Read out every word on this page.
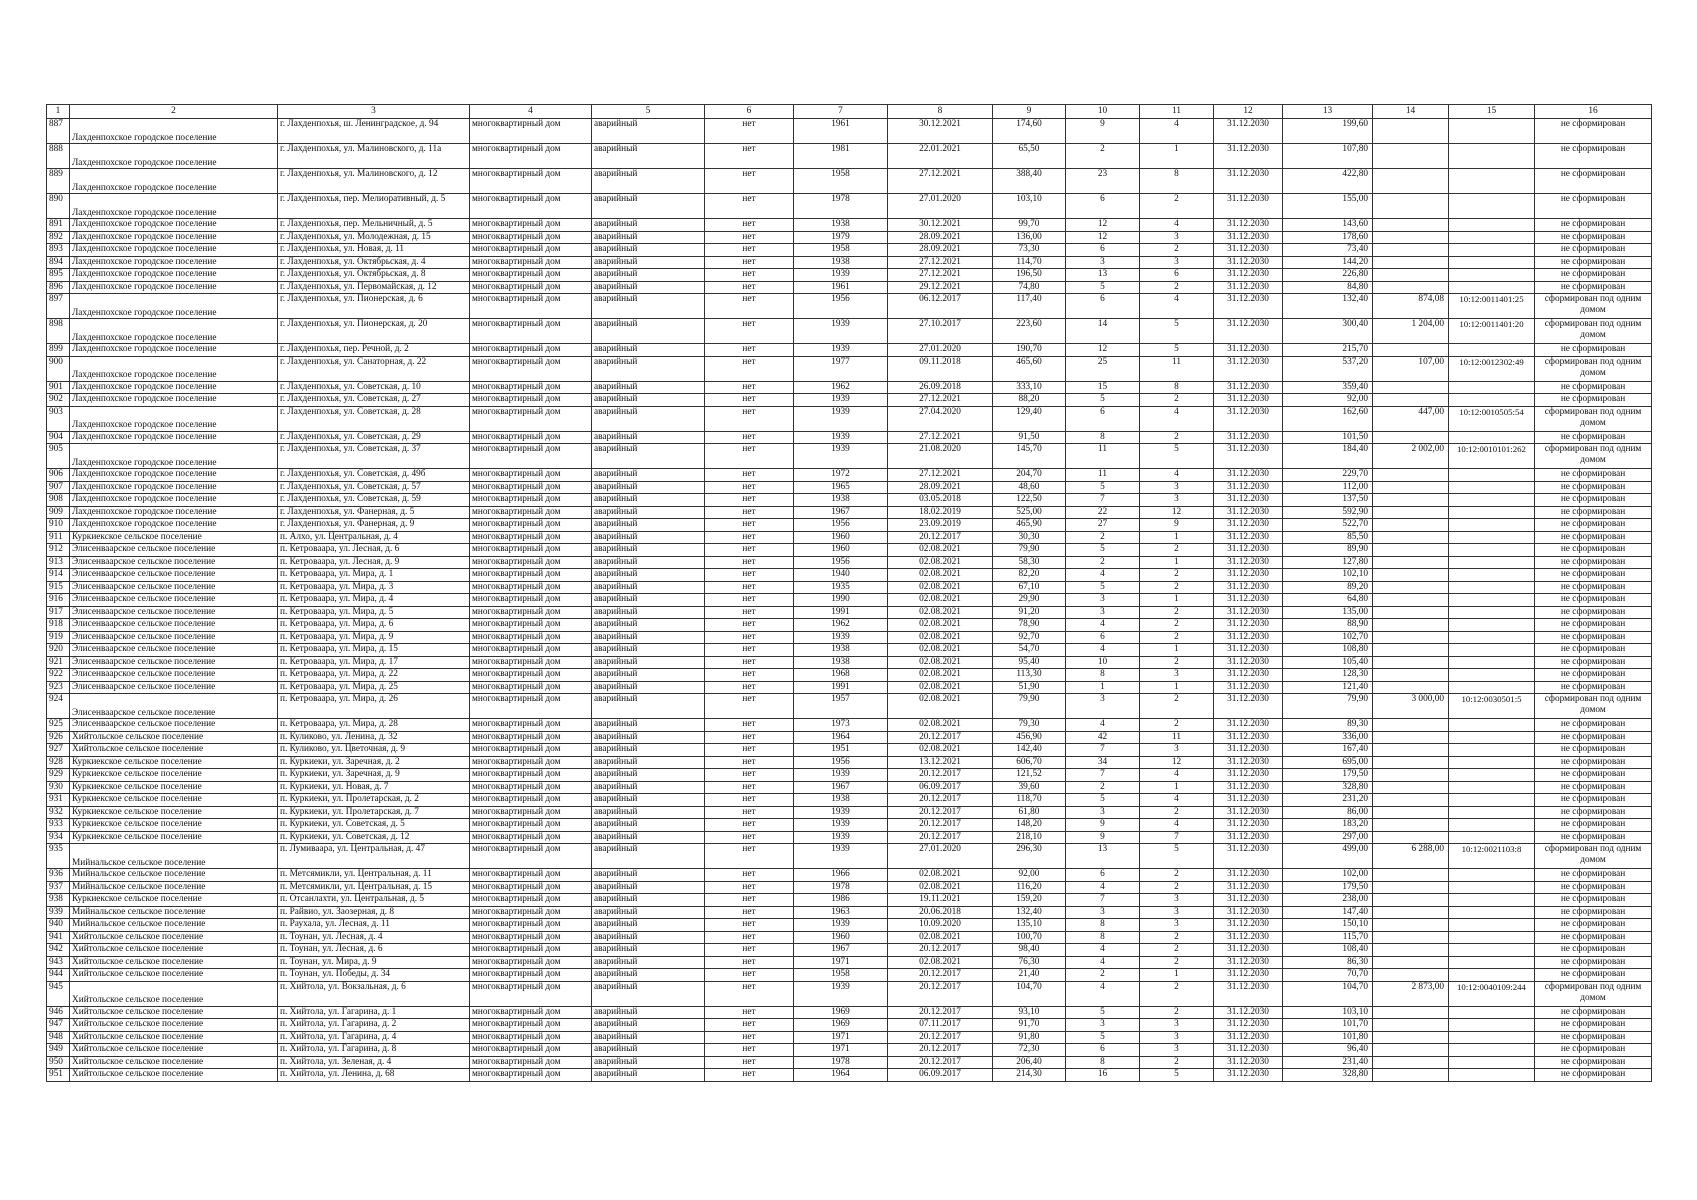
1	2	3	4	5	6	7	8	9	10	11	12	13	14	15	16
887	Лахденпохское городское поселение	г. Лахденпохья, ш. Ленинградское, д. 94	многоквартирный дом	аварийный	нет	1961	30.12.2021	174,60	9	4	31.12.2030	199,60			не сформирован
888	Лахденпохское городское поселение	г. Лахденпохья, ул. Малиновского, д. 11а	многоквартирный дом	аварийный	нет	1981	22.01.2021	65,50	2	1	31.12.2030	107,80			не сформирован
889	Лахденпохское городское поселение	г. Лахденпохья, ул. Малиновского, д. 12	многоквартирный дом	аварийный	нет	1958	27.12.2021	388,40	23	8	31.12.2030	422,80			не сформирован
890	Лахденпохское городское поселение	г. Лахденпохья, пер. Мелиоративный, д. 5	многоквартирный дом	аварийный	нет	1978	27.01.2020	103,10	6	2	31.12.2030	155,00			не сформирован
891	Лахденпохское городское поселение	г. Лахденпохья, пер. Мельничный, д. 5	многоквартирный дом	аварийный	нет	1938	30.12.2021	99,70	12	4	31.12.2030	143,60			не сформирован
892	Лахденпохское городское поселение	г. Лахденпохья, ул. Молодежная, д. 15	многоквартирный дом	аварийный	нет	1979	28.09.2021	136,00	12	3	31.12.2030	178,60			не сформирован
893	Лахденпохское городское поселение	г. Лахденпохья, ул. Новая, д. 11	многоквартирный дом	аварийный	нет	1958	28.09.2021	73,30	6	2	31.12.2030	73,40			не сформирован
894	Лахденпохское городское поселение	г. Лахденпохья, ул. Октябрьская, д. 4	многоквартирный дом	аварийный	нет	1938	27.12.2021	114,70	3	3	31.12.2030	144,20			не сформирован
895	Лахденпохское городское поселение	г. Лахденпохья, ул. Октябрьская, д. 8	многоквартирный дом	аварийный	нет	1939	27.12.2021	196,50	13	6	31.12.2030	226,80			не сформирован
896	Лахденпохское городское поселение	г. Лахденпохья, ул. Первомайская, д. 12	многоквартирный дом	аварийный	нет	1961	29.12.2021	74,80	5	2	31.12.2030	84,80			не сформирован
897	Лахденпохское городское поселение	г. Лахденпохья, ул. Пионерская, д. 6	многоквартирный дом	аварийный	нет	1956	06.12.2017	117,40	6	4	31.12.2030	132,40	874,08	10:12:0011401:25	сформирован под одним домом
898	Лахденпохское городское поселение	г. Лахденпохья, ул. Пионерская, д. 20	многоквартирный дом	аварийный	нет	1939	27.10.2017	223,60	14	5	31.12.2030	300,40	1 204,00	10:12:0011401:20	сформирован под одним домом
899	Лахденпохское городское поселение	г. Лахденпохья, пер. Речной, д. 2	многоквартирный дом	аварийный	нет	1939	27.01.2020	190,70	12	5	31.12.2030	215,70			не сформирован
900	Лахденпохское городское поселение	г. Лахденпохья, ул. Санаторная, д. 22	многоквартирный дом	аварийный	нет	1977	09.11.2018	465,60	25	11	31.12.2030	537,20	107,00	10:12:0012302:49	сформирован под одним домом
901	Лахденпохское городское поселение	г. Лахденпохья, ул. Советская, д. 10	многоквартирный дом	аварийный	нет	1962	26.09.2018	333,10	15	8	31.12.2030	359,40			не сформирован
902	Лахденпохское городское поселение	г. Лахденпохья, ул. Советская, д. 27	многоквартирный дом	аварийный	нет	1939	27.12.2021	88,20	5	2	31.12.2030	92,00			не сформирован
903	Лахденпохское городское поселение	г. Лахденпохья, ул. Советская, д. 28	многоквартирный дом	аварийный	нет	1939	27.04.2020	129,40	6	4	31.12.2030	162,60	447,00	10:12:0010505:54	сформирован под одним домом
904	Лахденпохское городское поселение	г. Лахденпохья, ул. Советская, д. 29	многоквартирный дом	аварийный	нет	1939	27.12.2021	91,50	8	2	31.12.2030	101,50			не сформирован
905	Лахденпохское городское поселение	г. Лахденпохья, ул. Советская, д. 37	многоквартирный дом	аварийный	нет	1939	21.08.2020	145,70	11	5	31.12.2030	184,40	2 002,00	10:12:0010101:262	сформирован под одним домом
906	Лахденпохское городское поселение	г. Лахденпохья, ул. Советская, д. 49б	многоквартирный дом	аварийный	нет	1972	27.12.2021	204,70	11	4	31.12.2030	229,70			не сформирован
907	Лахденпохское городское поселение	г. Лахденпохья, ул. Советская, д. 57	многоквартирный дом	аварийный	нет	1965	28.09.2021	48,60	5	3	31.12.2030	112,00			не сформирован
908	Лахденпохское городское поселение	г. Лахденпохья, ул. Советская, д. 59	многоквартирный дом	аварийный	нет	1938	03.05.2018	122,50	7	3	31.12.2030	137,50			не сформирован
909	Лахденпохское городское поселение	г. Лахденпохья, ул. Фанерная, д. 5	многоквартирный дом	аварийный	нет	1967	18.02.2019	525,00	22	12	31.12.2030	592,90			не сформирован
910	Лахденпохское городское поселение	г. Лахденпохья, ул. Фанерная, д. 9	многоквартирный дом	аварийный	нет	1956	23.09.2019	465,90	27	9	31.12.2030	522,70			не сформирован
911	Куркиекское сельское поселение	п. Алхо, ул. Центральная, д. 4	многоквартирный дом	аварийный	нет	1960	20.12.2017	30,30	2	1	31.12.2030	85,50			не сформирован
912	Элисенваарское сельское поселение	п. Кетроваара, ул. Лесная, д. 6	многоквартирный дом	аварийный	нет	1960	02.08.2021	79,90	5	2	31.12.2030	89,90			не сформирован
913	Элисенваарское сельское поселение	п. Кетроваара, ул. Лесная, д. 9	многоквартирный дом	аварийный	нет	1956	02.08.2021	58,30	2	1	31.12.2030	127,80			не сформирован
914	Элисенваарское сельское поселение	п. Кетроваара, ул. Мира, д. 1	многоквартирный дом	аварийный	нет	1940	02.08.2021	82,20	4	2	31.12.2030	102,10			не сформирован
915	Элисенваарское сельское поселение	п. Кетроваара, ул. Мира, д. 3	многоквартирный дом	аварийный	нет	1935	02.08.2021	67,10	5	2	31.12.2030	89,20			не сформирован
916	Элисенваарское сельское поселение	п. Кетроваара, ул. Мира, д. 4	многоквартирный дом	аварийный	нет	1990	02.08.2021	29,90	3	1	31.12.2030	64,80			не сформирован
917	Элисенваарское сельское поселение	п. Кетроваара, ул. Мира, д. 5	многоквартирный дом	аварийный	нет	1991	02.08.2021	91,20	3	2	31.12.2030	135,00			не сформирован
918	Элисенваарское сельское поселение	п. Кетроваара, ул. Мира, д. 6	многоквартирный дом	аварийный	нет	1962	02.08.2021	78,90	4	2	31.12.2030	88,90			не сформирован
919	Элисенваарское сельское поселение	п. Кетроваара, ул. Мира, д. 9	многоквартирный дом	аварийный	нет	1939	02.08.2021	92,70	6	2	31.12.2030	102,70			не сформирован
920	Элисенваарское сельское поселение	п. Кетроваара, ул. Мира, д. 15	многоквартирный дом	аварийный	нет	1938	02.08.2021	54,70	4	1	31.12.2030	108,80			не сформирован
921	Элисенваарское сельское поселение	п. Кетроваара, ул. Мира, д. 17	многоквартирный дом	аварийный	нет	1938	02.08.2021	95,40	10	2	31.12.2030	105,40			не сформирован
922	Элисенваарское сельское поселение	п. Кетроваара, ул. Мира, д. 22	многоквартирный дом	аварийный	нет	1968	02.08.2021	113,30	8	3	31.12.2030	128,30			не сформирован
923	Элисенваарское сельское поселение	п. Кетроваара, ул. Мира, д. 25	многоквартирный дом	аварийный	нет	1991	02.08.2021	51,90	1	1	31.12.2030	121,40			не сформирован
924	Элисенваарское сельское поселение	п. Кетроваара, ул. Мира, д. 26	многоквартирный дом	аварийный	нет	1957	02.08.2021	79,90	3	2	31.12.2030	79,90	3 000,00	10:12:0030501:5	сформирован под одним домом
925	Элисенваарское сельское поселение	п. Кетроваара, ул. Мира, д. 28	многоквартирный дом	аварийный	нет	1973	02.08.2021	79,30	4	2	31.12.2030	89,30			не сформирован
926	Хийтольское сельское поселение	п. Куликово, ул. Ленина, д. 32	многоквартирный дом	аварийный	нет	1964	20.12.2017	456,90	42	11	31.12.2030	336,00			не сформирован
927	Хийтольское сельское поселение	п. Куликово, ул. Цветочная, д. 9	многоквартирный дом	аварийный	нет	1951	02.08.2021	142,40	7	3	31.12.2030	167,40			не сформирован
928	Куркиекское сельское поселение	п. Куркиеки, ул. Заречная, д. 2	многоквартирный дом	аварийный	нет	1956	13.12.2021	606,70	34	12	31.12.2030	695,00			не сформирован
929	Куркиекское сельское поселение	п. Куркиеки, ул. Заречная, д. 9	многоквартирный дом	аварийный	нет	1939	20.12.2017	121,52	7	4	31.12.2030	179,50			не сформирован
930	Куркиекское сельское поселение	п. Куркиеки, ул. Новая, д. 7	многоквартирный дом	аварийный	нет	1967	06.09.2017	39,60	2	1	31.12.2030	328,80			не сформирован
931	Куркиекское сельское поселение	п. Куркиеки, ул. Пролетарская, д. 2	многоквартирный дом	аварийный	нет	1938	20.12.2017	118,70	5	4	31.12.2030	231,20			не сформирован
932	Куркиекское сельское поселение	п. Куркиеки, ул. Пролетарская, д. 7	многоквартирный дом	аварийный	нет	1939	20.12.2017	61,80	3	2	31.12.2030	86,00			не сформирован
933	Куркиекское сельское поселение	п. Куркиеки, ул. Советская, д. 5	многоквартирный дом	аварийный	нет	1939	20.12.2017	148,20	9	4	31.12.2030	183,20			не сформирован
934	Куркиекское сельское поселение	п. Куркиеки, ул. Советская, д. 12	многоквартирный дом	аварийный	нет	1939	20.12.2017	218,10	9	7	31.12.2030	297,00			не сформирован
935	Мийнальское сельское поселение	п. Лумиваара, ул. Центральная, д. 47	многоквартирный дом	аварийный	нет	1939	27.01.2020	296,30	13	5	31.12.2030	499,00	6 288,00	10:12:0021103:8	сформирован под одним домом
936	Мийнальское сельское поселение	п. Метсямикли, ул. Центральная, д. 11	многоквартирный дом	аварийный	нет	1966	02.08.2021	92,00	6	2	31.12.2030	102,00			не сформирован
937	Мийнальское сельское поселение	п. Метсямикли, ул. Центральная, д. 15	многоквартирный дом	аварийный	нет	1978	02.08.2021	116,20	4	2	31.12.2030	179,50			не сформирован
938	Куркиекское сельское поселение	п. Отсанлахти, ул. Центральная, д. 5	многоквартирный дом	аварийный	нет	1986	19.11.2021	159,20	7	3	31.12.2030	238,00			не сформирован
939	Мийнальское сельское поселение	п. Райвио, ул. Заозерная, д. 8	многоквартирный дом	аварийный	нет	1963	20.06.2018	132,40	3	3	31.12.2030	147,40			не сформирован
940	Мийнальское сельское поселение	п. Раухала, ул. Лесная, д. 11	многоквартирный дом	аварийный	нет	1939	10.09.2020	135,10	8	3	31.12.2030	150,10			не сформирован
941	Хийтольское сельское поселение	п. Тоунан, ул. Лесная, д. 4	многоквартирный дом	аварийный	нет	1960	02.08.2021	100,70	8	2	31.12.2030	115,70			не сформирован
942	Хийтольское сельское поселение	п. Тоунан, ул. Лесная, д. 6	многоквартирный дом	аварийный	нет	1967	20.12.2017	98,40	4	2	31.12.2030	108,40			не сформирован
943	Хийтольское сельское поселение	п. Тоунан, ул. Мира, д. 9	многоквартирный дом	аварийный	нет	1971	02.08.2021	76,30	4	2	31.12.2030	86,30			не сформирован
944	Хийтольское сельское поселение	п. Тоунан, ул. Победы, д. 34	многоквартирный дом	аварийный	нет	1958	20.12.2017	21,40	2	1	31.12.2030	70,70			не сформирован
945	Хийтольское сельское поселение	п. Хийтола, ул. Вокзальная, д. 6	многоквартирный дом	аварийный	нет	1939	20.12.2017	104,70	4	2	31.12.2030	104,70	2 873,00	10:12:0040109:244	сформирован под одним домом
946	Хийтольское сельское поселение	п. Хийтола, ул. Гагарина, д. 1	многоквартирный дом	аварийный	нет	1969	20.12.2017	93,10	5	2	31.12.2030	103,10			не сформирован
947	Хийтольское сельское поселение	п. Хийтола, ул. Гагарина, д. 2	многоквартирный дом	аварийный	нет	1969	07.11.2017	91,70	3	3	31.12.2030	101,70			не сформирован
948	Хийтольское сельское поселение	п. Хийтола, ул. Гагарина, д. 4	многоквартирный дом	аварийный	нет	1971	20.12.2017	91,80	5	3	31.12.2030	101,80			не сформирован
949	Хийтольское сельское поселение	п. Хийтола, ул. Гагарина, д. 8	многоквартирный дом	аварийный	нет	1971	20.12.2017	72,30	6	3	31.12.2030	96,40			не сформирован
950	Хийтольское сельское поселение	п. Хийтола, ул. Зеленая, д. 4	многоквартирный дом	аварийный	нет	1978	20.12.2017	206,40	8	2	31.12.2030	231,40			не сформирован
951	Хийтольское сельское поселение	п. Хийтола, ул. Ленина, д. 68	многоквартирный дом	аварийный	нет	1964	06.09.2017	214,30	16	5	31.12.2030	328,80			не сформирован
